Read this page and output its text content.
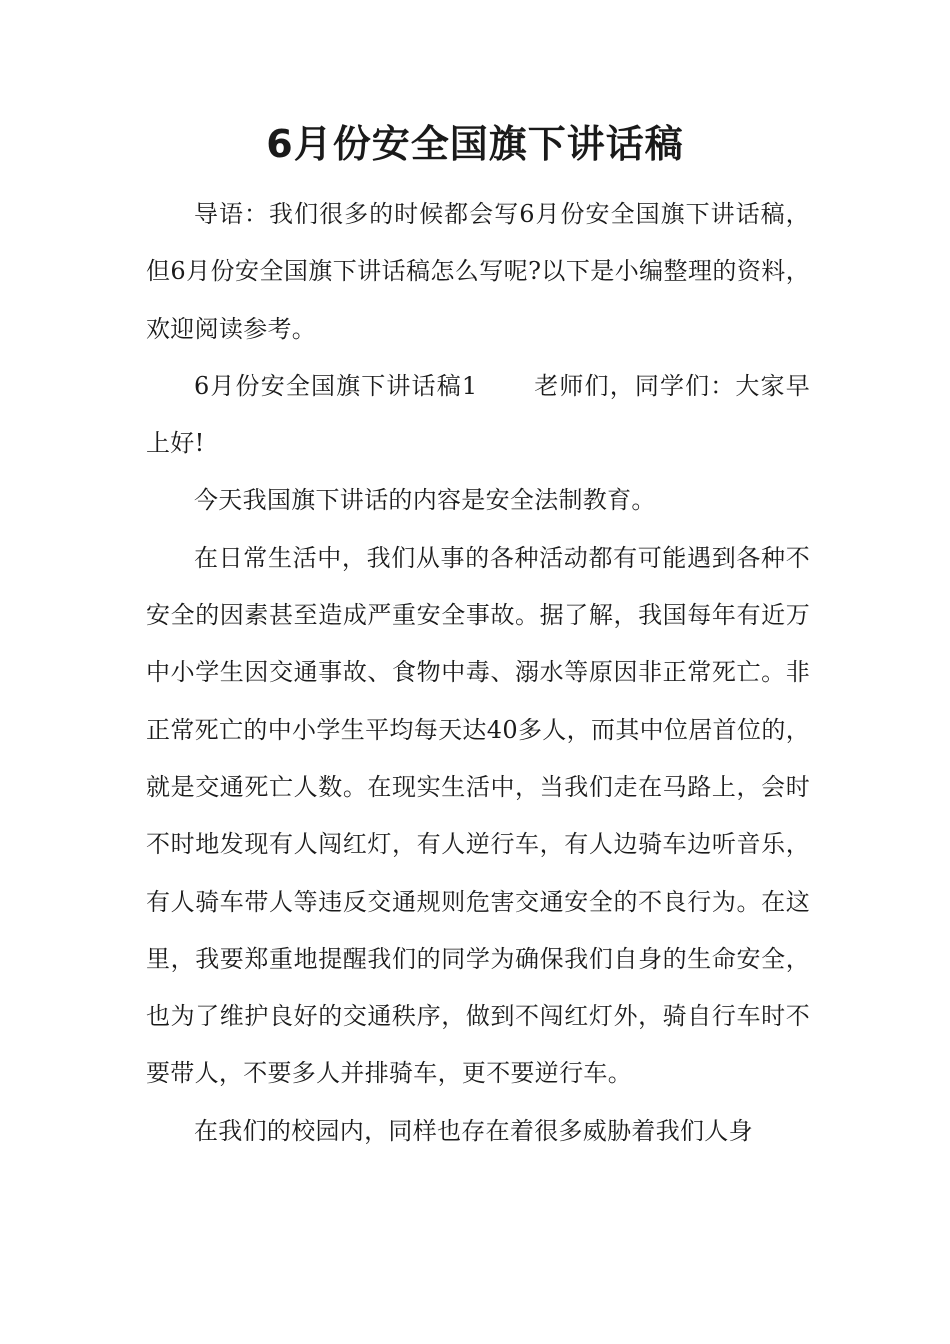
6月份安全国旗下讲话稿

导语：我们很多的时候都会写6月份安全国旗下讲话稿，但6月份安全国旗下讲话稿怎么写呢?以下是小编整理的资料，欢迎阅读参考。

6月份安全国旗下讲话稿1 老师们，同学们：大家早上好!

今天我国旗下讲话的内容是安全法制教育。

在日常生活中，我们从事的各种活动都有可能遇到各种不安全的因素甚至造成严重安全事故。据了解，我国每年有近万中小学生因交通事故、食物中毒、溺水等原因非正常死亡。非正常死亡的中小学生平均每天达40多人，而其中位居首位的，就是交通死亡人数。在现实生活中，当我们走在马路上，会时不时地发现有人闯红灯，有人逆行车，有人边骑车边听音乐，有人骑车带人等违反交通规则危害交通安全的不良行为。在这里，我要郑重地提醒我们的同学为确保我们自身的生命安全，也为了维护良好的交通秩序，做到不闯红灯外，骑自行车时不要带人，不要多人并排骑车，更不要逆行车。

在我们的校园内，同样也存在着很多威胁着我们人身
